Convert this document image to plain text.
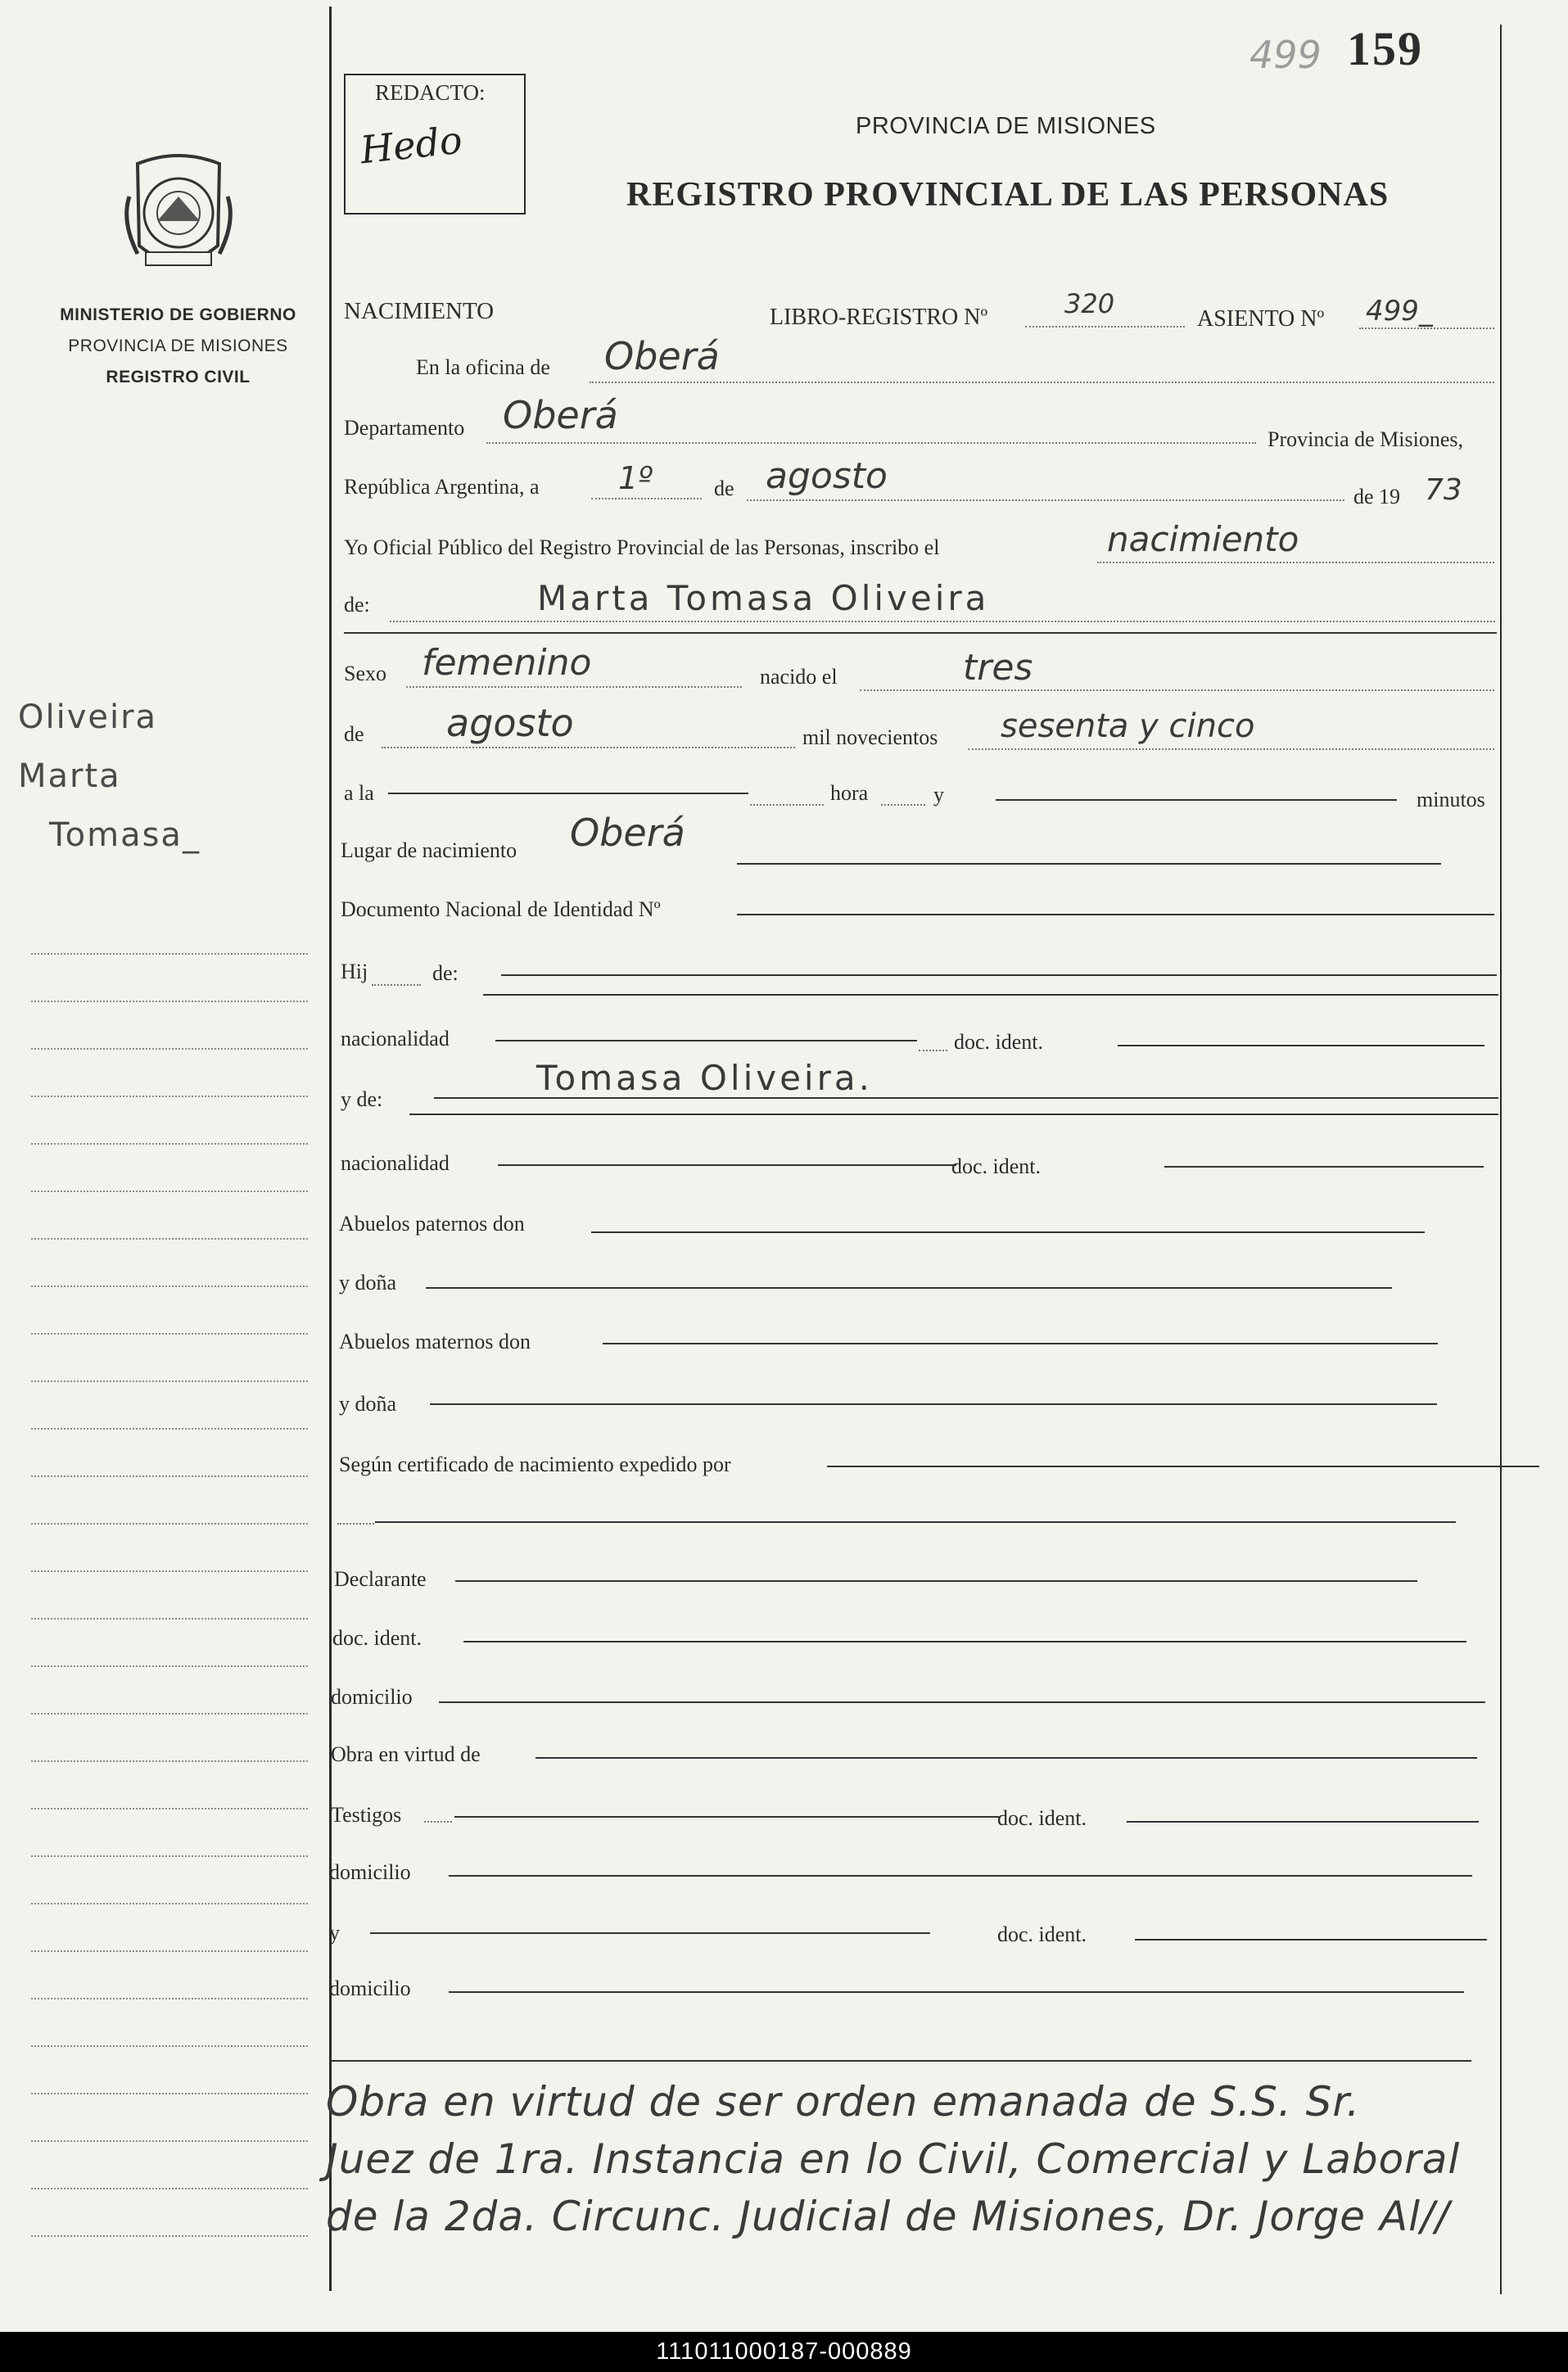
MINISTERIO DE GOBIERNO
PROVINCIA DE MISIONES
REGISTRO CIVIL
Oliveira
Marta
Tomasa_
REDACTO:
Hedo
499 159
PROVINCIA DE MISIONES
REGISTRO PROVINCIAL DE LAS PERSONAS
NACIMIENTO	LIBRO-REGISTRO Nº	320	ASIENTO Nº 499_
En la oficina de Oberá
Departamento Oberá
Provincia de Misiones,
República Argentina, a	1º	de agosto	de 19 73
Yo Oficial Público del Registro Provincial de las Personas, inscribo el	nacimiento
de:	Marta Tomasa Oliveira
Sexo femenino	nacido el	tres
de agosto	mil novecientos sesenta y cinco
a la	hora	y	minutos
Lugar de nacimiento Oberá
Documento Nacional de Identidad Nº
Hij	de:
nacionalidad	doc. ident.
y de:
Tomasa Oliveira.
nacionalidad	doc. ident.
Abuelos paternos don
y doña
Abuelos maternos don
y doña
Según certificado de nacimiento expedido por
Declarante
doc. ident.
domicilio
Obra en virtud de
Testigos	doc. ident.
domicilio
y	doc. ident.
domicilio
Obra en virtud de ser orden emanada de S.S. Sr.
Juez de 1ra. Instancia en lo Civil, Comercial y Laboral
de la 2da. Circunc. Judicial de Misiones, Dr. Jorge Al//
111011000187-000889
